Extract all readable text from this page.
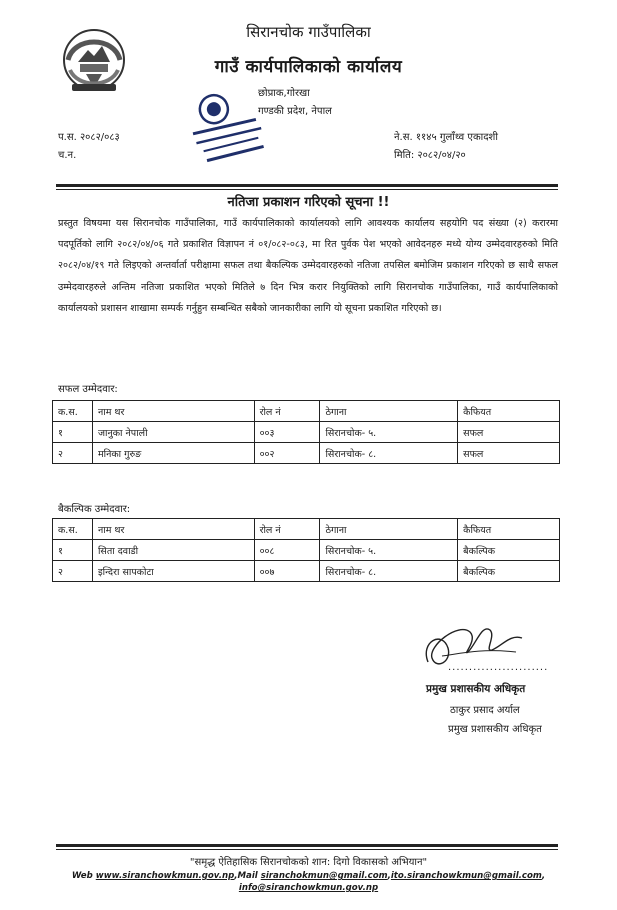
सिरानचोक गाउँपालिका
गाउँ कार्यपालिकाको कार्यालय
छोप्राक,गोरखा
गण्डकी प्रदेश, नेपाल
प.स. २०८२/०८३
च.न.
ने.स. ११४५ गुलाँथ्व एकादशी
मिति: २०८२/०४/२०
नतिजा प्रकाशन गरिएको सूचना !!
प्रस्तुत विषयमा यस सिरानचोक गाउँपालिका, गाउँ कार्यपालिकाको कार्यालयको लागि आवश्यक कार्यालय सहयोगि पद संख्या (२) करारमा पदपूर्तिको लागि २०८२/०४/०६ गते प्रकाशित विज्ञापन नं ०१/०८२-०८३, मा रित पुर्वक पेश भएको आवेदनहरु मध्ये योग्य उम्मेदवारहरुको मिति २०८२/०४/१९ गते लिइएको अन्तर्वार्ता परीक्षामा सफल तथा बैकल्पिक उम्मेदवारहरुको नतिजा तपसिल बमोजिम प्रकाशन गरिएको छ साथै सफल उम्मेदवारहरुले अन्तिम नतिजा प्रकाशित भएको मितिले ७ दिन भित्र करार नियुक्तिको लागि सिरानचोक गाउँपालिका, गाउँ कार्यपालिकाको कार्यालयको प्रशासन शाखामा सम्पर्क गर्नुहुन सम्बन्धित सबैको जानकारीका लागि यो सूचना प्रकाशित गरिएको छ।
सफल उम्मेदवार:
क.स.	नाम थर	रोल नं	ठेगाना	कैफियत
१	जानुका नेपाली	००३	सिरानचोक- ५.	सफल
२	मनिका गुरुङ	००२	सिरानचोक- ८.	सफल
बैकल्पिक उम्मेदवार:
क.स.	नाम थर	रोल नं	ठेगाना	कैफियत
१	सिता दवाडी	००८	सिरानचोक- ५.	बैकल्पिक
२	इन्दिरा सापकोटा	००७	सिरानचोक- ८.	बैकल्पिक
........................
प्रमुख प्रशासकीय अधिकृत
ठाकुर प्रसाद अर्याल
प्रमुख प्रशासकीय अधिकृत
"समृद्ध ऐतिहासिक सिरानचोकको शान: दिगो विकासको अभियान"
Web www.siranchowkmun.gov.np,Mail siranchokmun@gmail.com,ito.siranchowkmun@gmail.com,
info@siranchowkmun.gov.np
